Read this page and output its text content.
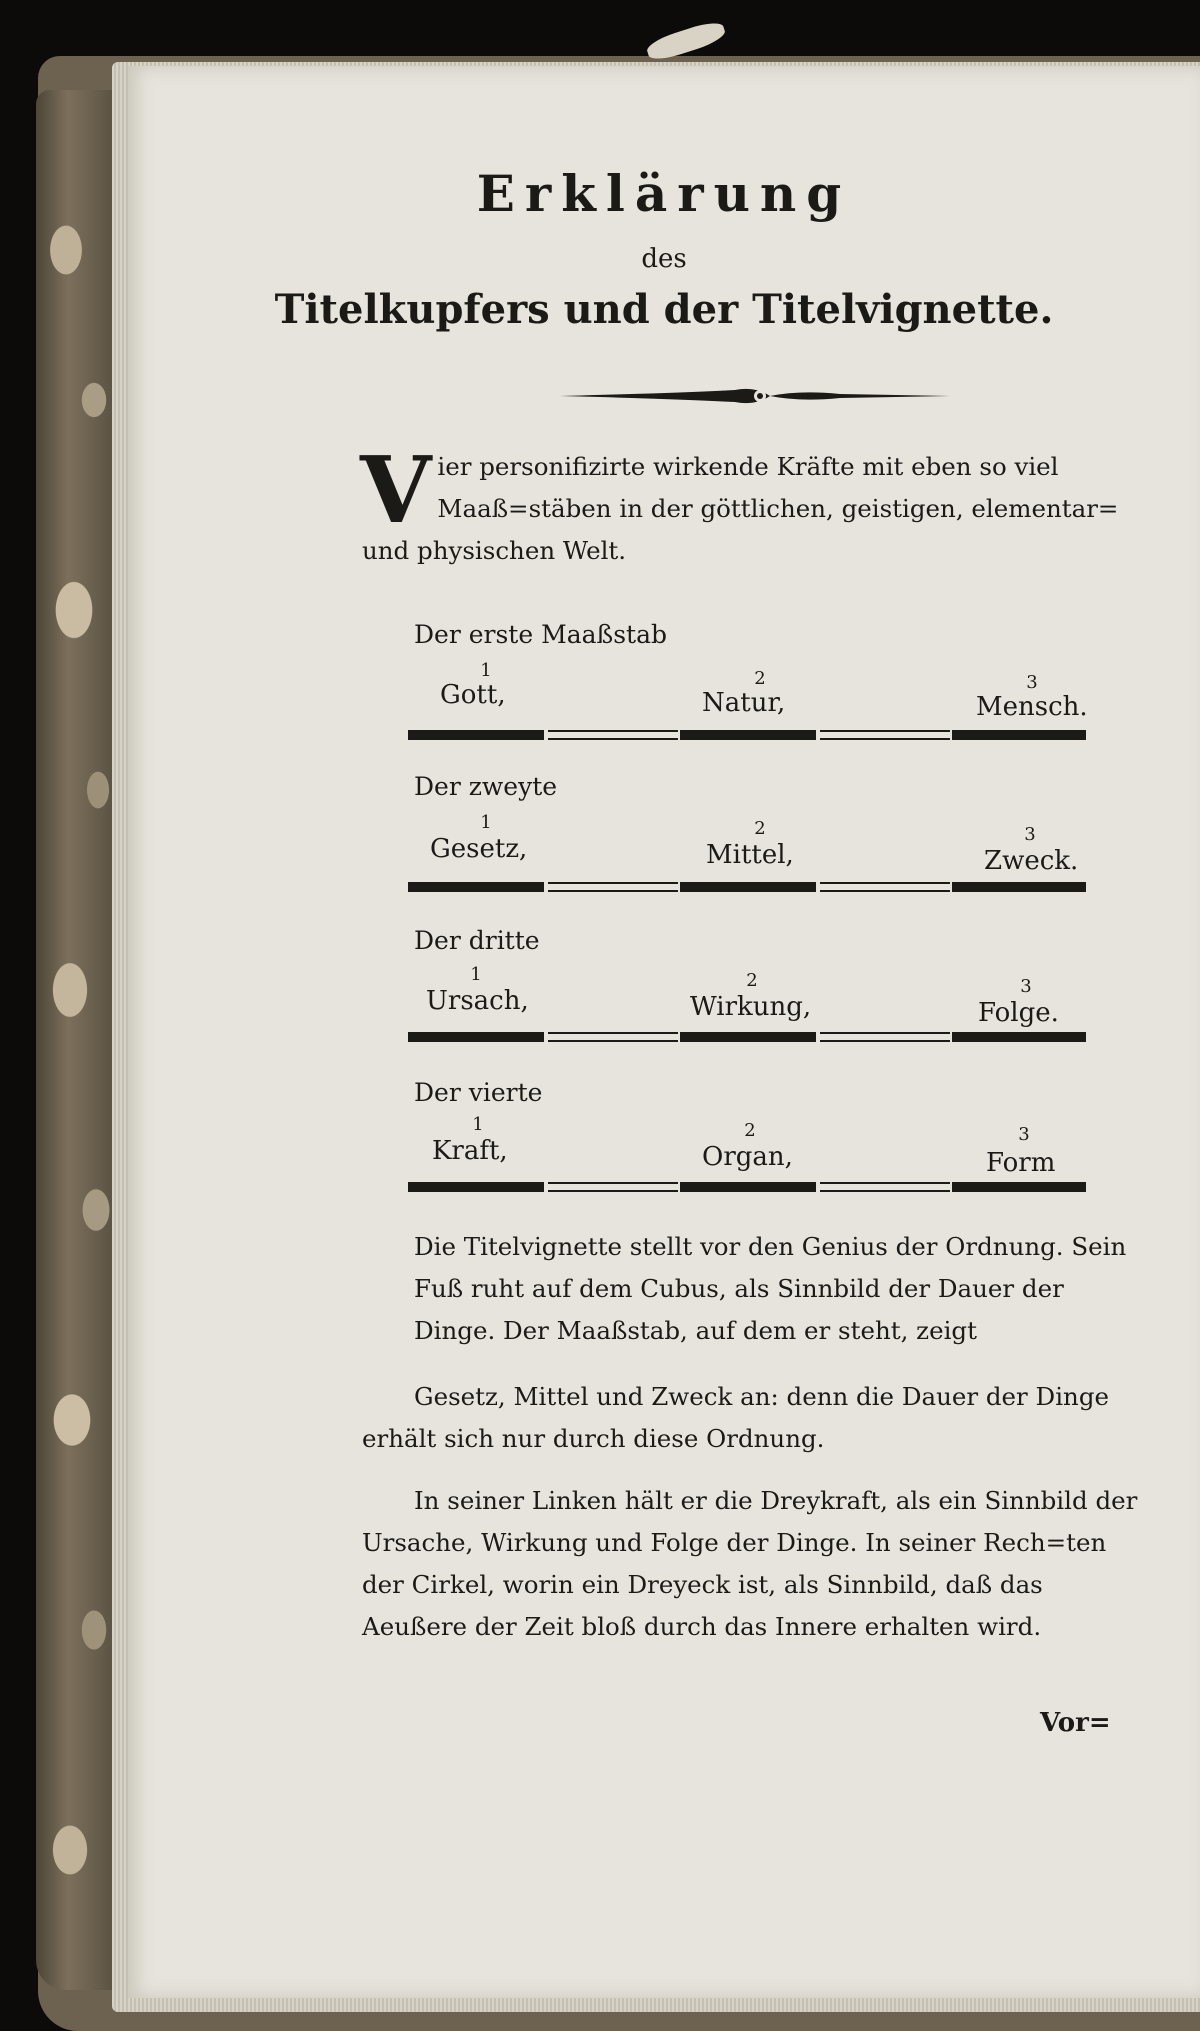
Erklärung

des

Titelkupfers und der Titelvignette.

Vier personifizirte wirkende Kräfte mit eben so viel Maaß=stäben in der göttlichen, geistigen, elementar= und physischen Welt.

Der erste Maaßstab

1
Gott,
2
Natur,
3
Mensch.

Der zweyte

1
Gesetz,
2
Mittel,
3
Zweck.

Der dritte

1
Ursach,
2
Wirkung,
3
Folge.

Der vierte

1
Kraft,
2
Organ,
3
Form

Die Titelvignette stellt vor den Genius der Ordnung. Sein Fuß ruht auf dem Cubus, als Sinnbild der Dauer der Dinge. Der Maaßstab, auf dem er steht, zeigt

Gesetz, Mittel und Zweck an: denn die Dauer der Dinge erhält sich nur durch diese Ordnung.

In seiner Linken hält er die Dreykraft, als ein Sinnbild der Ursache, Wirkung und Folge der Dinge. In seiner Rech=ten der Cirkel, worin ein Dreyeck ist, als Sinnbild, daß das Aeußere der Zeit bloß durch das Innere erhalten wird.

Vor=
